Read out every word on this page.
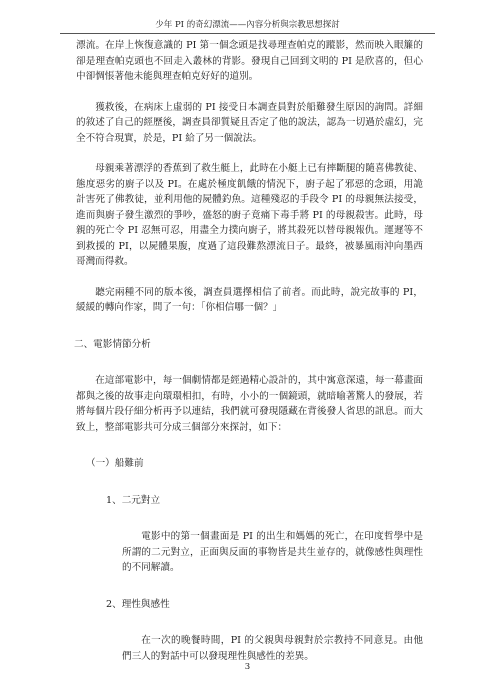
少年 PI 的奇幻漂流——內容分析與宗教思想探討

漂流。在岸上恢復意識的 PI 第一個念頭是找尋理查帕克的蹤影，然而映入眼簾的卻是理查帕克頭也不回走入叢林的背影。發現自己回到文明的 PI 是欣喜的，但心中卻惆悵著他未能與理查帕克好好的道別。

獲救後，在病床上虛弱的 PI 接受日本調查員對於船難發生原因的詢問。詳細的敘述了自己的經歷後，調查員卻質疑且否定了他的說法，認為一切過於虛幻，完全不符合現實，於是，PI 給了另一個說法。

母親乘著漂浮的香蕉到了救生艇上，此時在小艇上已有摔斷腿的隨喜佛教徒、態度惡劣的廚子以及 PI。在處於極度飢餓的情況下，廚子起了邪惡的念頭，用詭計害死了佛教徒，並利用他的屍體釣魚。這種殘忍的手段令 PI 的母親無法接受，進而與廚子發生激烈的爭吵，盛怒的廚子竟痛下毒手將 PI 的母親殺害。此時，母親的死亡令 PI 忍無可忍，用盡全力撲向廚子，將其殺死以替母親報仇。運遲等不到救援的 PI，以屍體果腹，度過了這段難熬漂流日子。最終，被暴風雨沖向墨西哥灣而得救。

聽完兩種不同的版本後，調查員選擇相信了前者。而此時，說完故事的 PI，緩緩的轉向作家，問了一句：「你相信哪一個？」

二、電影情節分析

在這部電影中，每一個劇情都是經過精心設計的，其中寓意深遠，每一幕畫面都與之後的故事走向環環相扣，有時，小小的一個鏡頭，就暗喻著驚人的發展，若將每個片段仔細分析再予以連結，我們就可發現隱藏在背後發人省思的訊息。而大致上，整部電影共可分成三個部分來探討，如下：

（一）船難前
1、二元對立

電影中的第一個畫面是 PI 的出生和媽媽的死亡，在印度哲學中是所謂的二元對立，正面與反面的事物皆是共生並存的，就像感性與理性的不同解讀。

2、理性與感性

在一次的晚餐時間，PI 的父親與母親對於宗教持不同意見。由他們三人的對話中可以發現理性與感性的差異。

3
